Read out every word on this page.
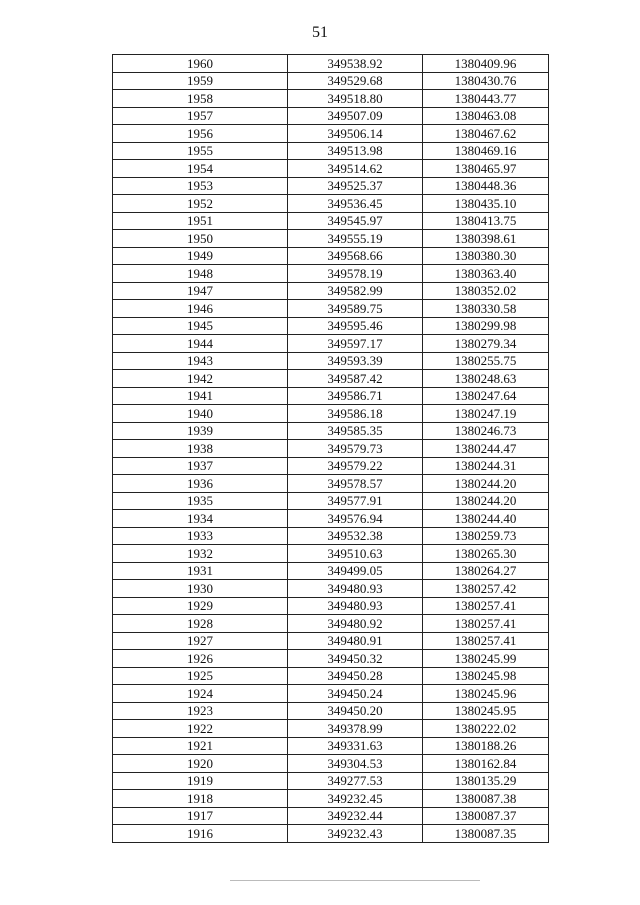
51
1960	349538.92	1380409.96
1959	349529.68	1380430.76
1958	349518.80	1380443.77
1957	349507.09	1380463.08
1956	349506.14	1380467.62
1955	349513.98	1380469.16
1954	349514.62	1380465.97
1953	349525.37	1380448.36
1952	349536.45	1380435.10
1951	349545.97	1380413.75
1950	349555.19	1380398.61
1949	349568.66	1380380.30
1948	349578.19	1380363.40
1947	349582.99	1380352.02
1946	349589.75	1380330.58
1945	349595.46	1380299.98
1944	349597.17	1380279.34
1943	349593.39	1380255.75
1942	349587.42	1380248.63
1941	349586.71	1380247.64
1940	349586.18	1380247.19
1939	349585.35	1380246.73
1938	349579.73	1380244.47
1937	349579.22	1380244.31
1936	349578.57	1380244.20
1935	349577.91	1380244.20
1934	349576.94	1380244.40
1933	349532.38	1380259.73
1932	349510.63	1380265.30
1931	349499.05	1380264.27
1930	349480.93	1380257.42
1929	349480.93	1380257.41
1928	349480.92	1380257.41
1927	349480.91	1380257.41
1926	349450.32	1380245.99
1925	349450.28	1380245.98
1924	349450.24	1380245.96
1923	349450.20	1380245.95
1922	349378.99	1380222.02
1921	349331.63	1380188.26
1920	349304.53	1380162.84
1919	349277.53	1380135.29
1918	349232.45	1380087.38
1917	349232.44	1380087.37
1916	349232.43	1380087.35
